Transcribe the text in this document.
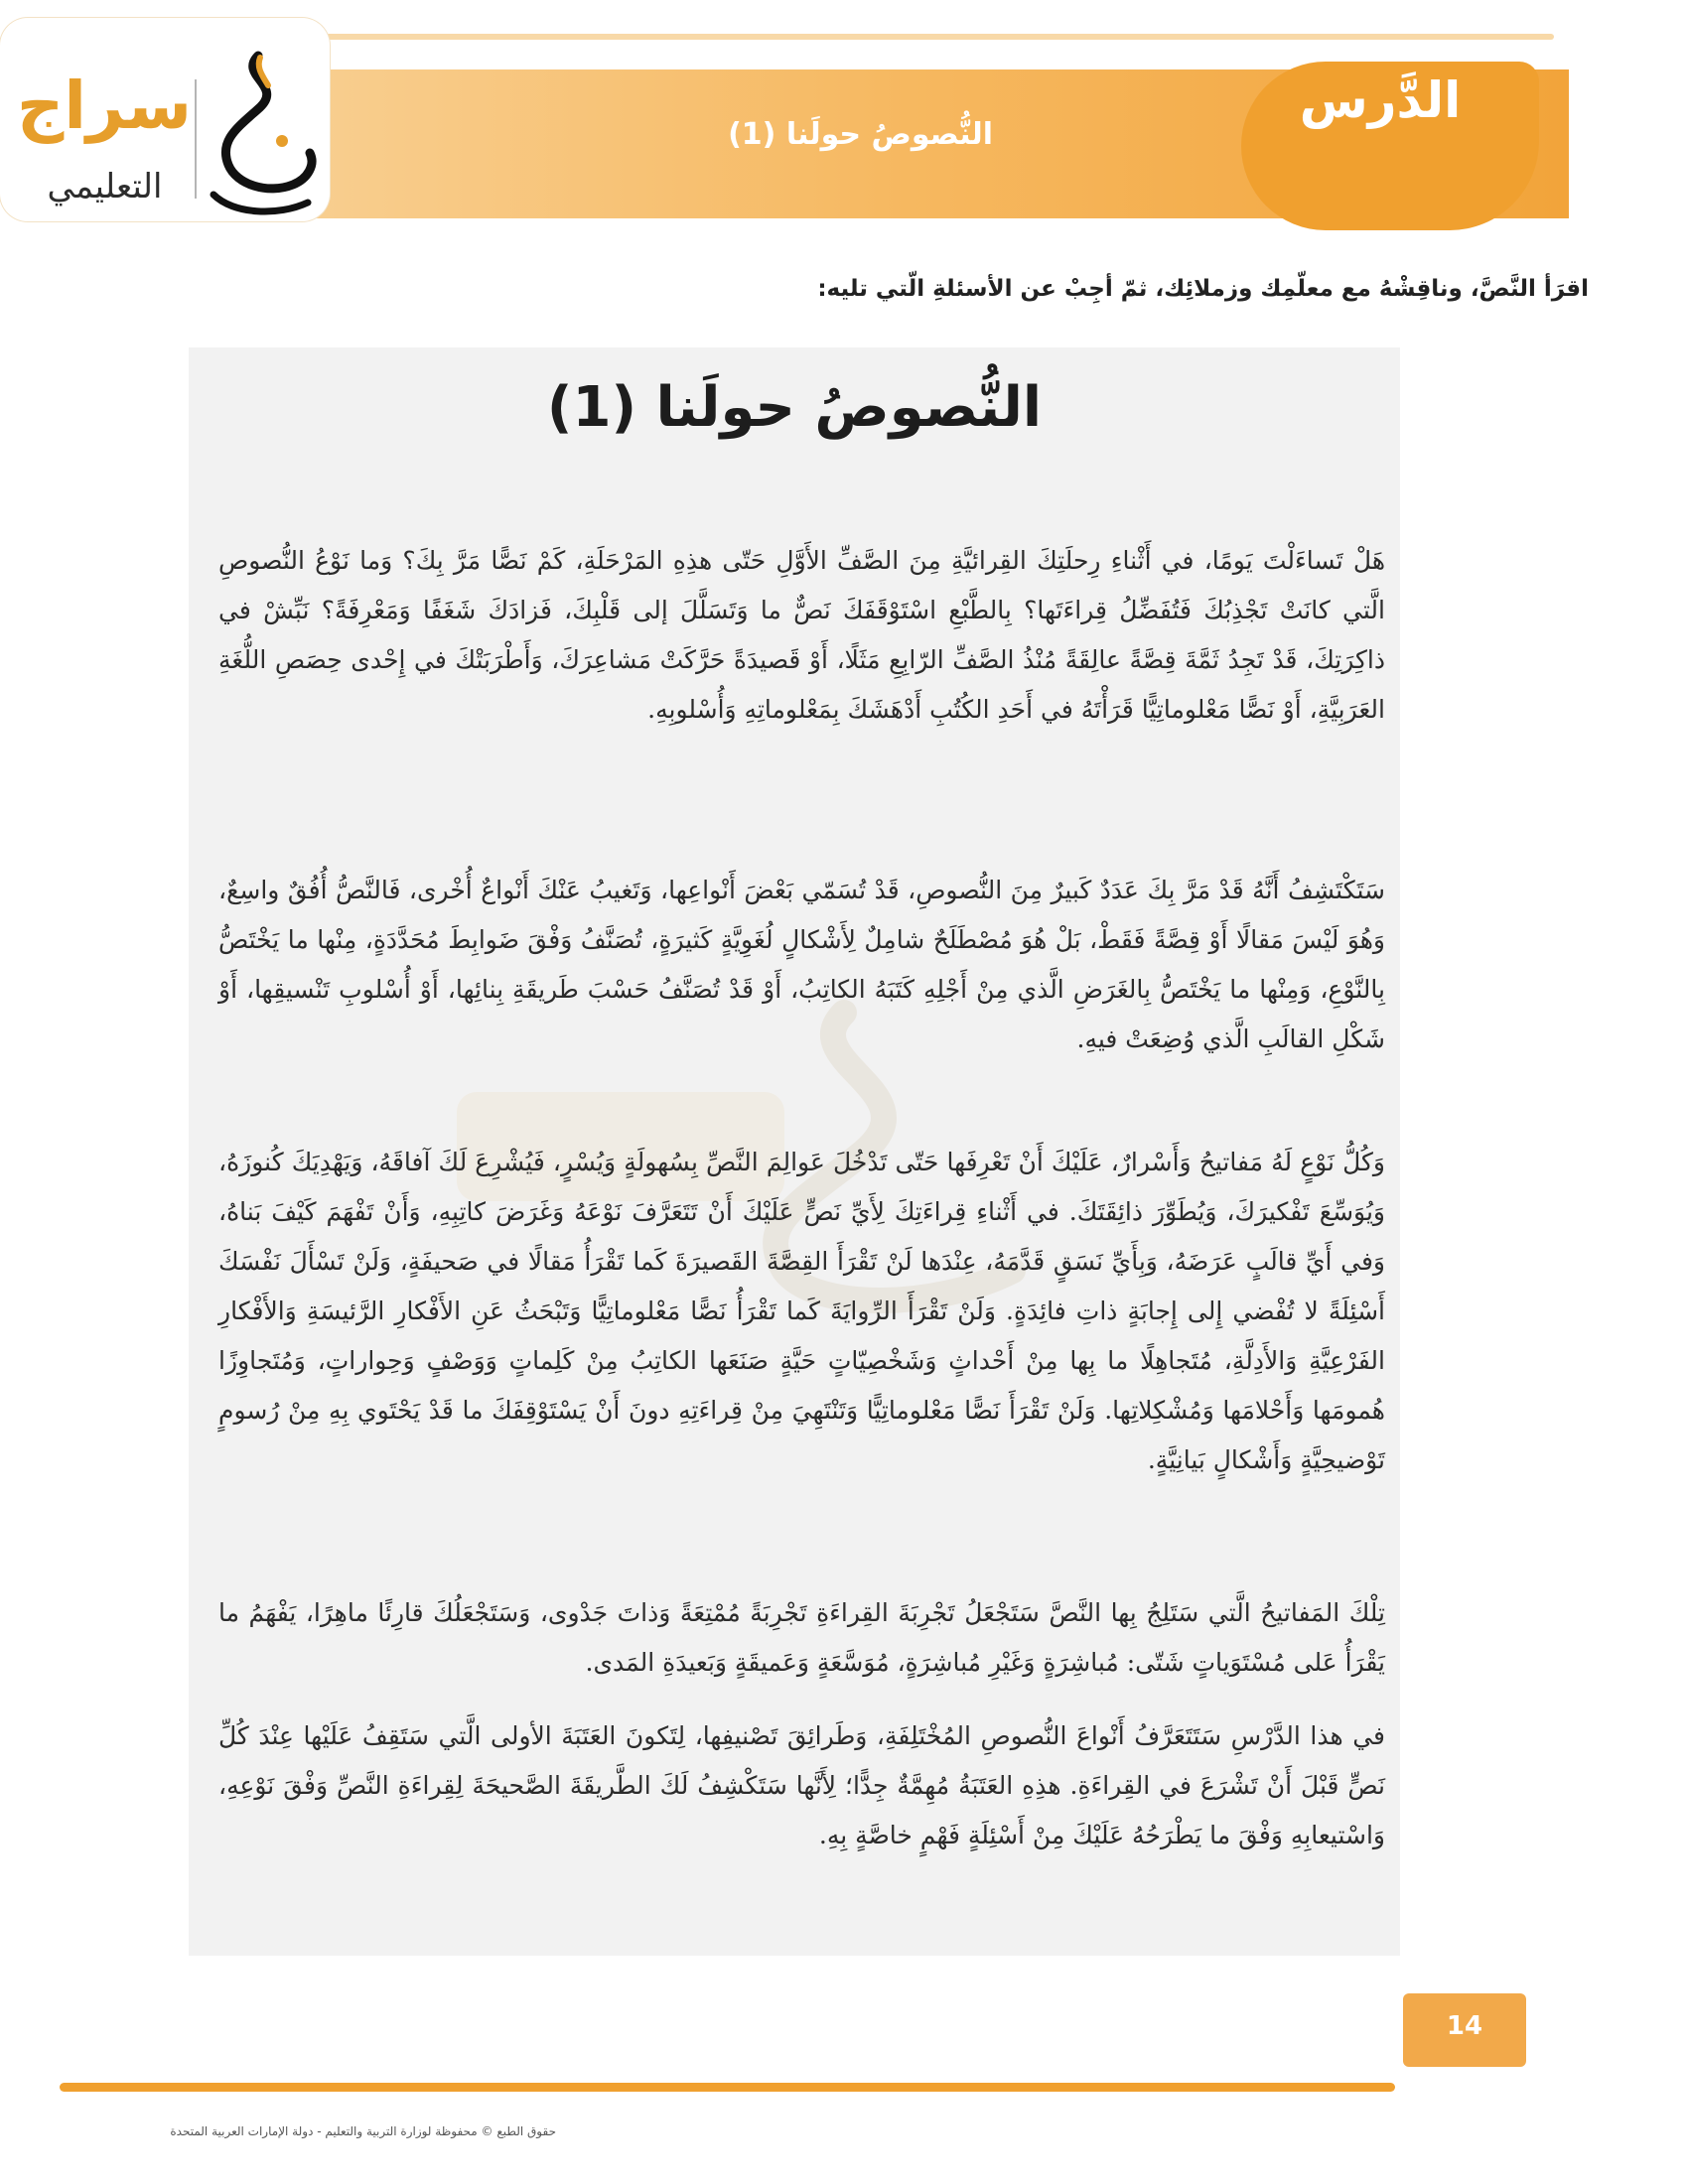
الدَّرس
النُّصوصُ حولَنا (1)
سراج
التعليمي
اقرَأ النَّصَّ، وناقِشْهُ مع معلّمِك وزملائِك، ثمّ أجِبْ عن الأسئلةِ الّتي تليه:
النُّصوصُ حولَنا (1)
هَلْ تَساءَلْتَ يَومًا، في أَثْناءِ رِحلَتِكَ القِرائيَّةِ مِنَ الصَّفِّ الأَوَّلِ حَتّى هذِهِ المَرْحَلَةِ، كَمْ نَصًّا مَرَّ بِكَ؟ وَما نَوْعُ النُّصوصِ الَّتي كانَتْ تَجْذِبُكَ فَتُفَضِّلُ قِراءَتَها؟ بِالطَّبْعِ اسْتَوْقَفَكَ نَصٌّ ما وَتَسَلَّلَ إلى قَلْبِكَ، فَزادَكَ شَغَفًا وَمَعْرِفَةً؟ نَبِّشْ في ذاكِرَتِكَ، قَدْ تَجِدُ ثَمَّةَ قِصَّةً عالِقَةً مُنْذُ الصَّفِّ الرّابِعِ مَثَلًا، أَوْ قَصيدَةً حَرَّكَتْ مَشاعِرَكَ، وَأَطْرَبَتْكَ في إِحْدى حِصَصِ اللُّغَةِ العَرَبِيَّةِ، أَوْ نَصًّا مَعْلوماتِيًّا قَرَأْتَهُ في أَحَدِ الكُتُبِ أَدْهَشَكَ بِمَعْلوماتِهِ وَأُسْلوبِهِ.
سَتَكْتَشِفُ أَنَّهُ قَدْ مَرَّ بِكَ عَدَدٌ كَبيرٌ مِنَ النُّصوصِ، قَدْ تُسَمّي بَعْضَ أَنْواعِها، وَتَغيبُ عَنْكَ أَنْواعٌ أُخْرى، فَالنَّصُّ أُفُقٌ واسِعٌ، وَهُوَ لَيْسَ مَقالًا أَوْ قِصَّةً فَقَطْ، بَلْ هُوَ مُصْطَلَحٌ شامِلٌ لِأَشْكالٍ لُغَوِيَّةٍ كَثيرَةٍ، تُصَنَّفُ وَفْقَ ضَوابِطَ مُحَدَّدَةٍ، مِنْها ما يَخْتَصُّ بِالنَّوْعِ، وَمِنْها ما يَخْتَصُّ بِالغَرَضِ الَّذي مِنْ أَجْلِهِ كَتَبَهُ الكاتِبُ، أَوْ قَدْ تُصَنَّفُ حَسْبَ طَريقَةِ بِنائِها، أَوْ أُسْلوبِ تَنْسيقِها، أَوْ شَكْلِ القالَبِ الَّذي وُضِعَتْ فيهِ.
وَكُلُّ نَوْعٍ لَهُ مَفاتيحُ وَأَسْرارٌ، عَلَيْكَ أَنْ تَعْرِفَها حَتّى تَدْخُلَ عَوالِمَ النَّصِّ بِسُهولَةٍ وَيُسْرٍ، فَيُشْرِعَ لَكَ آفاقَهُ، وَيَهْدِيَكَ كُنوزَهُ، وَيُوَسِّعَ تَفْكيرَكَ، وَيُطَوِّرَ ذائِقَتَكَ. في أَثْناءِ قِراءَتِكَ لِأَيِّ نَصٍّ عَلَيْكَ أَنْ تَتَعَرَّفَ نَوْعَهُ وَغَرَضَ كاتِبِهِ، وَأَنْ تَفْهَمَ كَيْفَ بَناهُ، وَفي أَيِّ قالَبٍ عَرَضَهُ، وَبِأَيِّ نَسَقٍ قَدَّمَهُ، عِنْدَها لَنْ تَقْرَأَ القِصَّةَ القَصيرَةَ كَما تَقْرَأُ مَقالًا في صَحيفَةٍ، وَلَنْ تَسْأَلَ نَفْسَكَ أَسْئِلَةً لا تُفْضي إِلى إِجابَةٍ ذاتِ فائِدَةٍ. وَلَنْ تَقْرَأَ الرِّوايَةَ كَما تَقْرَأُ نَصًّا مَعْلوماتِيًّا وَتَبْحَثُ عَنِ الأَفْكارِ الرَّئيسَةِ وَالأَفْكارِ الفَرْعِيَّةِ وَالأَدِلَّةِ، مُتَجاهِلًا ما بِها مِنْ أَحْداثٍ وَشَخْصِيّاتٍ حَيَّةٍ صَنَعَها الكاتِبُ مِنْ كَلِماتٍ وَوَصْفٍ وَحِواراتٍ، وَمُتَجاوِزًا هُمومَها وَأَحْلامَها وَمُشْكِلاتِها. وَلَنْ تَقْرَأَ نَصًّا مَعْلوماتِيًّا وَتَنْتَهِيَ مِنْ قِراءَتِهِ دونَ أَنْ يَسْتَوْقِفَكَ ما قَدْ يَحْتَوي بِهِ مِنْ رُسومٍ تَوْضيحِيَّةٍ وَأَشْكالٍ بَيانِيَّةٍ.
تِلْكَ المَفاتيحُ الَّتي سَتَلِجُ بِها النَّصَّ سَتَجْعَلُ تَجْرِبَةَ القِراءَةِ تَجْرِبَةً مُمْتِعَةً وَذاتَ جَدْوى، وَسَتَجْعَلُكَ قارِئًا ماهِرًا، يَفْهَمُ ما يَقْرَأُ عَلى مُسْتَوَياتٍ شَتّى: مُباشِرَةٍ وَغَيْرِ مُباشِرَةٍ، مُوَسَّعَةٍ وَعَميقَةٍ وَبَعيدَةِ المَدى.
في هذا الدَّرْسِ سَتَتَعَرَّفُ أَنْواعَ النُّصوصِ المُخْتَلِفَةِ، وَطَرائِقَ تَصْنيفِها، لِتَكونَ العَتَبَةَ الأولى الَّتي سَتَقِفُ عَلَيْها عِنْدَ كُلِّ نَصٍّ قَبْلَ أَنْ تَشْرَعَ في القِراءَةِ. هذِهِ العَتَبَةُ مُهِمَّةٌ جِدًّا؛ لِأَنَّها سَتَكْشِفُ لَكَ الطَّريقَةَ الصَّحيحَةَ لِقِراءَةِ النَّصِّ وَفْقَ نَوْعِهِ، وَاسْتيعابِهِ وَفْقَ ما يَطْرَحُهُ عَلَيْكَ مِنْ أَسْئِلَةٍ فَهْمٍ خاصَّةٍ بِهِ.
14
حقوق الطبع © محفوظة لوزارة التربية والتعليم - دولة الإمارات العربية المتحدة
